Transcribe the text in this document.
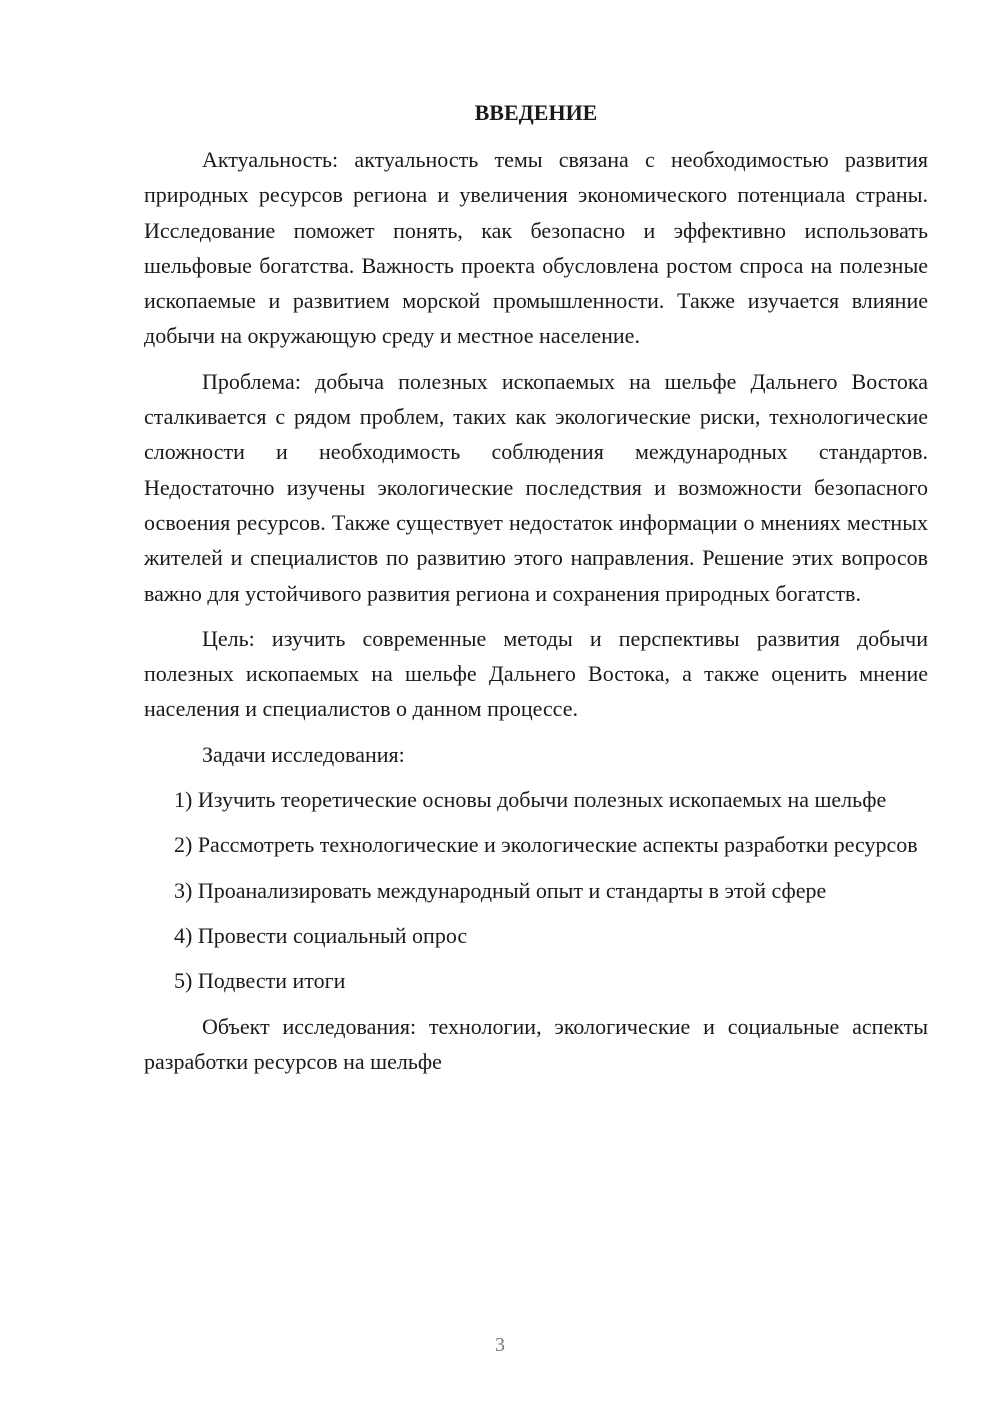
ВВЕДЕНИЕ

Актуальность: актуальность темы связана с необходимостью развития природных ресурсов региона и увеличения экономического потенциала страны. Исследование поможет понять, как безопасно и эффективно использовать шельфовые богатства. Важность проекта обусловлена ростом спроса на полезные ископаемые и развитием морской промышленности. Также изучается влияние добычи на окружающую среду и местное население.

Проблема: добыча полезных ископаемых на шельфе Дальнего Востока сталкивается с рядом проблем, таких как экологические риски, технологические сложности и необходимость соблюдения международных стандартов. Недостаточно изучены экологические последствия и возможности безопасного освоения ресурсов. Также существует недостаток информации о мнениях местных жителей и специалистов по развитию этого направления. Решение этих вопросов важно для устойчивого развития региона и сохранения природных богатств.

Цель: изучить современные методы и перспективы развития добычи полезных ископаемых на шельфе Дальнего Востока, а также оценить мнение населения и специалистов о данном процессе.

Задачи исследования:

1) Изучить теоретические основы добычи полезных ископаемых на шельфе

2) Рассмотреть технологические и экологические аспекты разработки ресурсов

3) Проанализировать международный опыт и стандарты в этой сфере

4) Провести социальный опрос

5) Подвести итоги

Объект исследования: технологии, экологические и социальные аспекты разработки ресурсов на шельфе

3
